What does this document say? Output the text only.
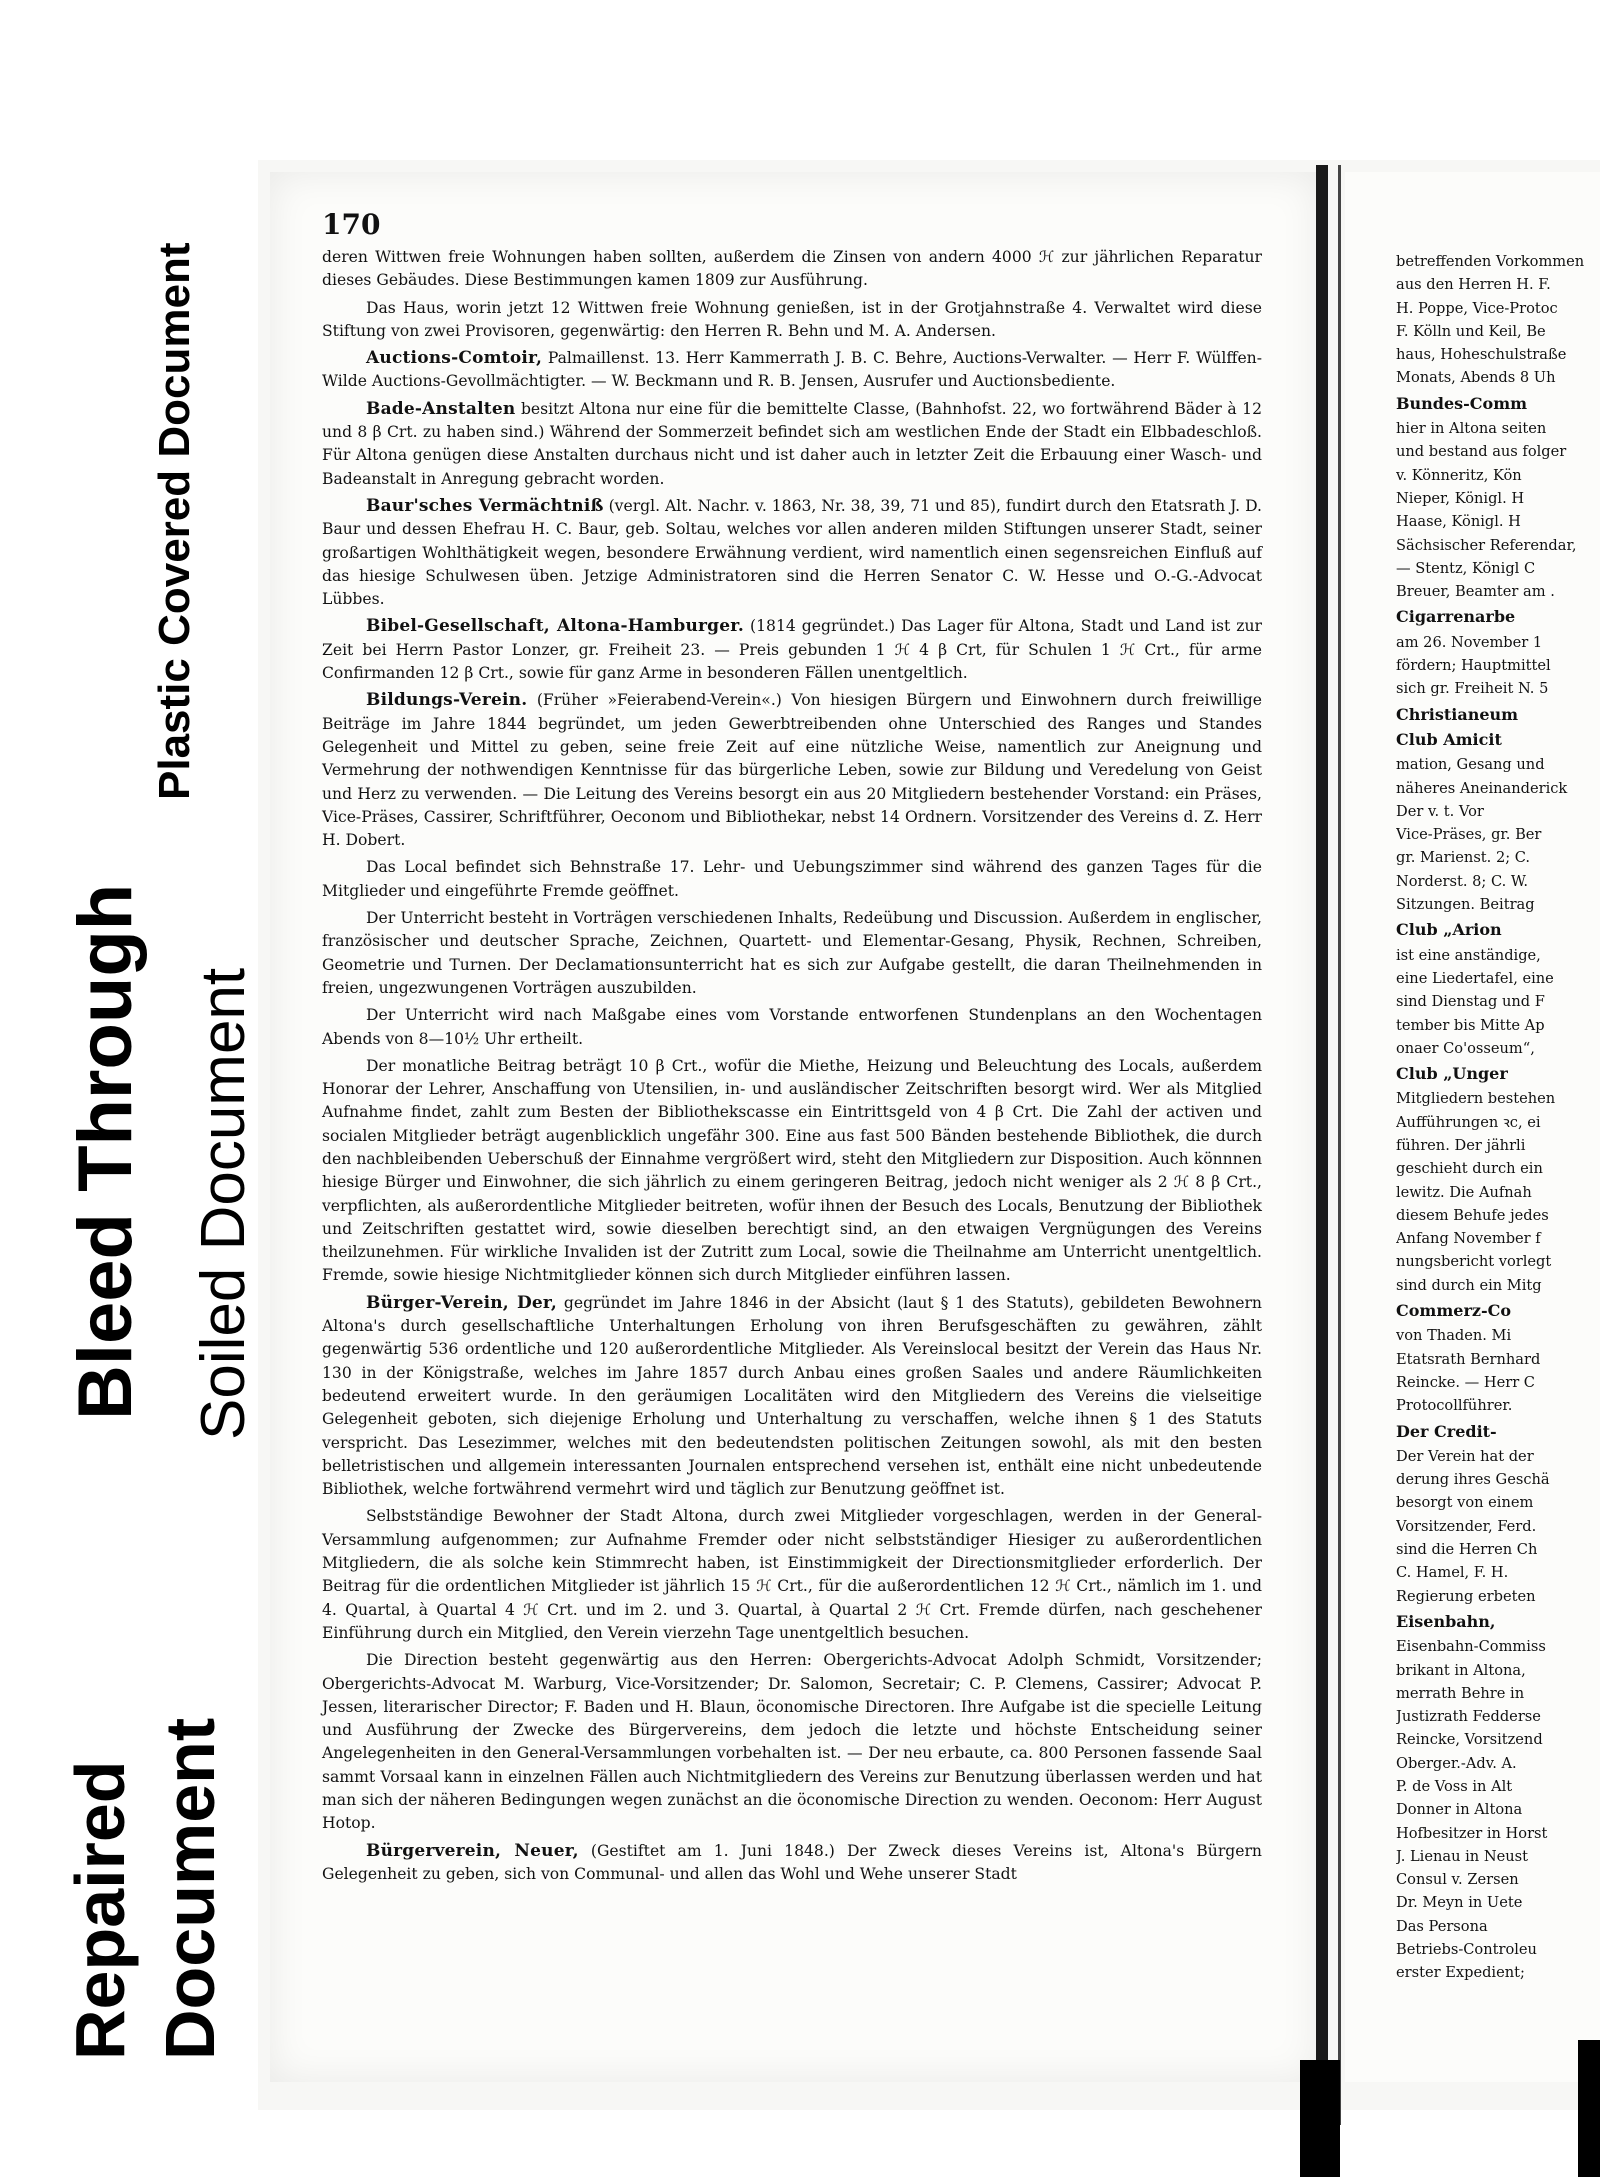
Plastic Covered Document
Bleed Through Soiled Document
Repaired Document
170
deren Wittwen freie Wohnungen haben sollten, außerdem die Zinsen von andern 4000 ℋ zur jährlichen Reparatur dieses Gebäudes. Diese Bestimmungen kamen 1809 zur Ausführung.
Das Haus, worin jetzt 12 Wittwen freie Wohnung genießen, ist in der Grotjahnstraße 4. Verwaltet wird diese Stiftung von zwei Provisoren, gegenwärtig: den Herren R. Behn und M. A. Andersen.
Auctions-Comtoir, Palmaillenst. 13. Herr Kammerrath J. B. C. Behre, Auctions-Verwalter. — Herr F. Wülffen-Wilde Auctions-Gevollmächtigter. — W. Beckmann und R. B. Jensen, Ausrufer und Auctionsbediente.
Bade-Anstalten besitzt Altona nur eine für die bemittelte Classe, (Bahnhofst. 22, wo fortwährend Bäder à 12 und 8 β Crt. zu haben sind.) Während der Sommerzeit befindet sich am westlichen Ende der Stadt ein Elbbadeschloß. Für Altona genügen diese Anstalten durchaus nicht und ist daher auch in letzter Zeit die Erbauung einer Wasch- und Badeanstalt in Anregung gebracht worden.
Baur'sches Vermächtniß (vergl. Alt. Nachr. v. 1863, Nr. 38, 39, 71 und 85), fundirt durch den Etatsrath J. D. Baur und dessen Ehefrau H. C. Baur, geb. Soltau, welches vor allen anderen milden Stiftungen unserer Stadt, seiner großartigen Wohlthätigkeit wegen, besondere Erwähnung verdient, wird namentlich einen segensreichen Einfluß auf das hiesige Schulwesen üben. Jetzige Administratoren sind die Herren Senator C. W. Hesse und O.-G.-Advocat Lübbes.
Bibel-Gesellschaft, Altona-Hamburger. (1814 gegründet.) Das Lager für Altona, Stadt und Land ist zur Zeit bei Herrn Pastor Lonzer, gr. Freiheit 23. — Preis gebunden 1 ℋ 4 β Crt, für Schulen 1 ℋ Crt., für arme Confirmanden 12 β Crt., sowie für ganz Arme in besonderen Fällen unentgeltlich.
Bildungs-Verein. (Früher »Feierabend-Verein«.) Von hiesigen Bürgern und Einwohnern durch freiwillige Beiträge im Jahre 1844 begründet, um jeden Gewerbtreibenden ohne Unterschied des Ranges und Standes Gelegenheit und Mittel zu geben, seine freie Zeit auf eine nützliche Weise, namentlich zur Aneignung und Vermehrung der nothwendigen Kenntnisse für das bürgerliche Leben, sowie zur Bildung und Veredelung von Geist und Herz zu verwenden. — Die Leitung des Vereins besorgt ein aus 20 Mitgliedern bestehender Vorstand: ein Präses, Vice-Präses, Cassirer, Schriftführer, Oeconom und Bibliothekar, nebst 14 Ordnern. Vorsitzender des Vereins d. Z. Herr H. Dobert.
Das Local befindet sich Behnstraße 17. Lehr- und Uebungszimmer sind während des ganzen Tages für die Mitglieder und eingeführte Fremde geöffnet.
Der Unterricht besteht in Vorträgen verschiedenen Inhalts, Redeübung und Discussion. Außerdem in englischer, französischer und deutscher Sprache, Zeichnen, Quartett- und Elementar-Gesang, Physik, Rechnen, Schreiben, Geometrie und Turnen. Der Declamationsunterricht hat es sich zur Aufgabe gestellt, die daran Theilnehmenden in freien, ungezwungenen Vorträgen auszubilden.
Der Unterricht wird nach Maßgabe eines vom Vorstande entworfenen Stundenplans an den Wochentagen Abends von 8—10½ Uhr ertheilt.
Der monatliche Beitrag beträgt 10 β Crt., wofür die Miethe, Heizung und Beleuchtung des Locals, außerdem Honorar der Lehrer, Anschaffung von Utensilien, in- und ausländischer Zeitschriften besorgt wird. Wer als Mitglied Aufnahme findet, zahlt zum Besten der Bibliothekscasse ein Eintrittsgeld von 4 β Crt. Die Zahl der activen und socialen Mitglieder beträgt augenblicklich ungefähr 300. Eine aus fast 500 Bänden bestehende Bibliothek, die durch den nachbleibenden Ueberschuß der Einnahme vergrößert wird, steht den Mitgliedern zur Disposition. Auch könnnen hiesige Bürger und Einwohner, die sich jährlich zu einem geringeren Beitrag, jedoch nicht weniger als 2 ℋ 8 β Crt., verpflichten, als außerordentliche Mitglieder beitreten, wofür ihnen der Besuch des Locals, Benutzung der Bibliothek und Zeitschriften gestattet wird, sowie dieselben berechtigt sind, an den etwaigen Vergnügungen des Vereins theilzunehmen. Für wirkliche Invaliden ist der Zutritt zum Local, sowie die Theilnahme am Unterricht unentgeltlich. Fremde, sowie hiesige Nichtmitglieder können sich durch Mitglieder einführen lassen.
Bürger-Verein, Der, gegründet im Jahre 1846 in der Absicht (laut § 1 des Statuts), gebildeten Bewohnern Altona's durch gesellschaftliche Unterhaltungen Erholung von ihren Berufsgeschäften zu gewähren, zählt gegenwärtig 536 ordentliche und 120 außerordentliche Mitglieder. Als Vereinslocal besitzt der Verein das Haus Nr. 130 in der Königstraße, welches im Jahre 1857 durch Anbau eines großen Saales und andere Räumlichkeiten bedeutend erweitert wurde. In den geräumigen Localitäten wird den Mitgliedern des Vereins die vielseitige Gelegenheit geboten, sich diejenige Erholung und Unterhaltung zu verschaffen, welche ihnen § 1 des Statuts verspricht. Das Lesezimmer, welches mit den bedeutendsten politischen Zeitungen sowohl, als mit den besten belletristischen und allgemein interessanten Journalen entsprechend versehen ist, enthält eine nicht unbedeutende Bibliothek, welche fortwährend vermehrt wird und täglich zur Benutzung geöffnet ist.
Selbstständige Bewohner der Stadt Altona, durch zwei Mitglieder vorgeschlagen, werden in der General-Versammlung aufgenommen; zur Aufnahme Fremder oder nicht selbstständiger Hiesiger zu außerordentlichen Mitgliedern, die als solche kein Stimmrecht haben, ist Einstimmigkeit der Directionsmitglieder erforderlich. Der Beitrag für die ordentlichen Mitglieder ist jährlich 15 ℋ Crt., für die außerordentlichen 12 ℋ Crt., nämlich im 1. und 4. Quartal, à Quartal 4 ℋ Crt. und im 2. und 3. Quartal, à Quartal 2 ℋ Crt. Fremde dürfen, nach geschehener Einführung durch ein Mitglied, den Verein vierzehn Tage unentgeltlich besuchen.
Die Direction besteht gegenwärtig aus den Herren: Obergerichts-Advocat Adolph Schmidt, Vorsitzender; Obergerichts-Advocat M. Warburg, Vice-Vorsitzender; Dr. Salomon, Secretair; C. P. Clemens, Cassirer; Advocat P. Jessen, literarischer Director; F. Baden und H. Blaun, öconomische Directoren. Ihre Aufgabe ist die specielle Leitung und Ausführung der Zwecke des Bürgervereins, dem jedoch die letzte und höchste Entscheidung seiner Angelegenheiten in den General-Versammlungen vorbehalten ist. — Der neu erbaute, ca. 800 Personen fassende Saal sammt Vorsaal kann in einzelnen Fällen auch Nichtmitgliedern des Vereins zur Benutzung überlassen werden und hat man sich der näheren Bedingungen wegen zunächst an die öconomische Direction zu wenden. Oeconom: Herr August Hotop.
Bürgerverein, Neuer, (Gestiftet am 1. Juni 1848.) Der Zweck dieses Vereins ist, Altona's Bürgern Gelegenheit zu geben, sich von Communal- und allen das Wohl und Wehe unserer Stadt
betreffenden Vorkommen
aus den Herren H. F.
H. Poppe, Vice-Protoc
F. Kölln und Keil, Be
haus, Hoheschulstraße
Monats, Abends 8 Uh
Bundes-Comm
hier in Altona seiten
und bestand aus folger
v. Könneritz, Kön
Nieper, Königl. H
Haase, Königl. H
Sächsischer Referendar,
— Stentz, Königl C
Breuer, Beamter am .
Cigarrenarbe
am 26. November 1
fördern; Hauptmittel
sich gr. Freiheit N. 5
Christianeum
Club Amicit
mation, Gesang und
näheres Aneinanderick
Der v. t. Vor
Vice-Präses, gr. Ber
gr. Marienst. 2; C.
Norderst. 8; C. W.
Sitzungen. Beitrag
Club „Arion
ist eine anständige,
eine Liedertafel, eine
sind Dienstag und F
tember bis Mitte Ap
onaer Co'osseum“,
Club „Unger
Mitgliedern bestehen
Aufführungen ꝛc, ei
führen. Der jährli
geschieht durch ein
lewitz. Die Aufnah
diesem Behufe jedes
Anfang November f
nungsbericht vorlegt
sind durch ein Mitg
Commerz-Co
von Thaden. Mi
Etatsrath Bernhard
Reincke. — Herr C
Protocollführer.
Der Credit-
Der Verein hat der
derung ihres Geschä
besorgt von einem
Vorsitzender, Ferd.
sind die Herren Ch
C. Hamel, F. H.
Regierung erbeten
Eisenbahn,
Eisenbahn-Commiss
brikant in Altona,
merrath Behre in
Justizrath Fedderse
Reincke, Vorsitzend
Oberger.-Adv. A.
P. de Voss in Alt
Donner in Altona
Hofbesitzer in Horst
J. Lienau in Neust
Consul v. Zersen
Dr. Meyn in Uete
Das Persona
Betriebs-Controleu
erster Expedient;
